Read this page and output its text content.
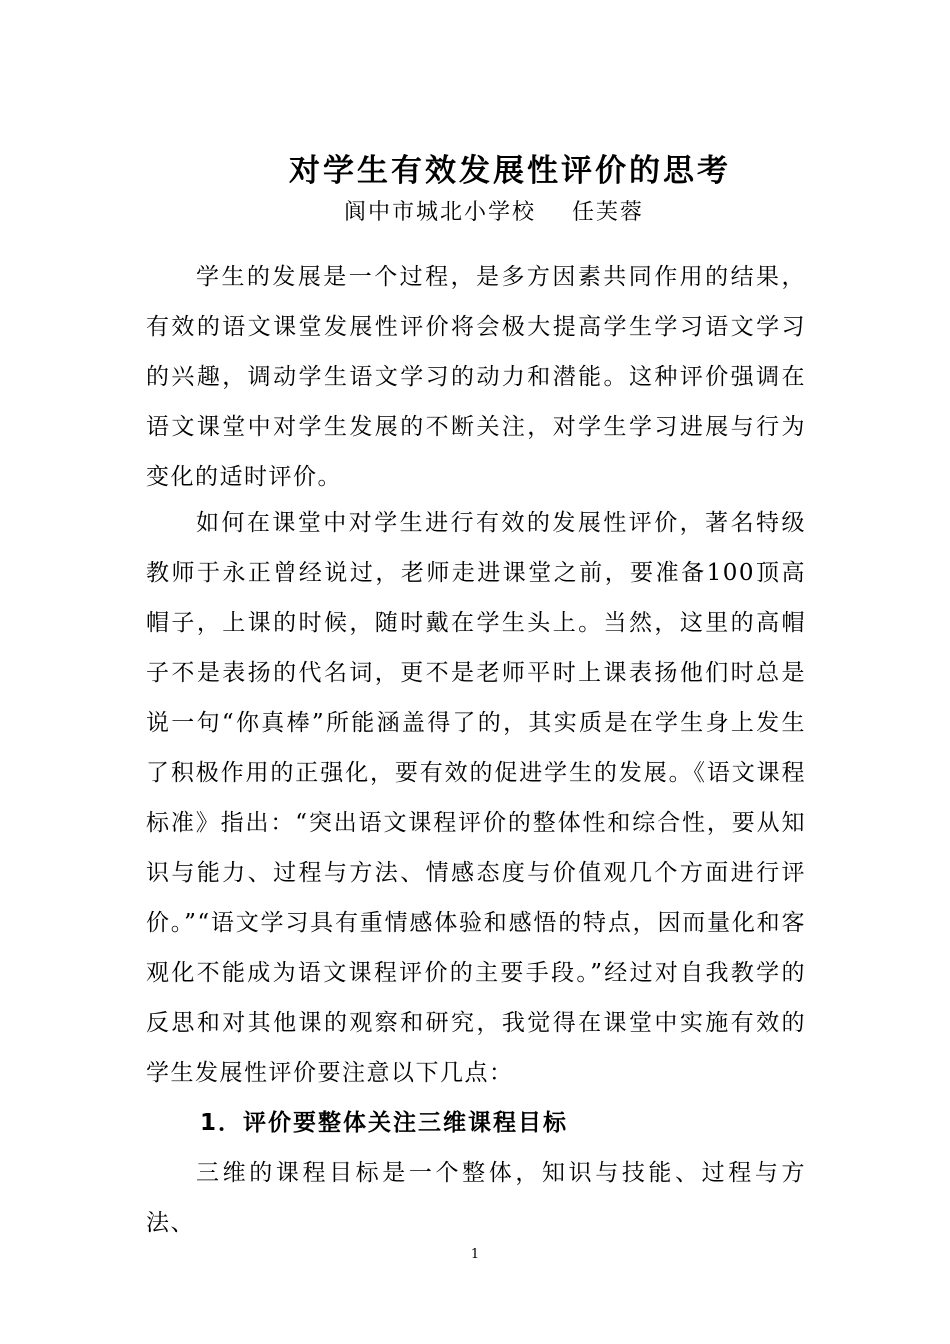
对学生有效发展性评价的思考
阆中市城北小学校 任芙蓉

学生的发展是一个过程，是多方因素共同作用的结果，有效的语文课堂发展性评价将会极大提高学生学习语文学习的兴趣，调动学生语文学习的动力和潜能。这种评价强调在语文课堂中对学生发展的不断关注，对学生学习进展与行为变化的适时评价。

如何在课堂中对学生进行有效的发展性评价，著名特级教师于永正曾经说过，老师走进课堂之前，要准备100顶高帽子，上课的时候，随时戴在学生头上。当然，这里的高帽子不是表扬的代名词，更不是老师平时上课表扬他们时总是说一句“你真棒”所能涵盖得了的，其实质是在学生身上发生了积极作用的正强化，要有效的促进学生的发展。《语文课程标准》指出：“突出语文课程评价的整体性和综合性，要从知识与能力、过程与方法、情感态度与价值观几个方面进行评价。”“语文学习具有重情感体验和感悟的特点，因而量化和客观化不能成为语文课程评价的主要手段。”经过对自我教学的反思和对其他课的观察和研究，我觉得在课堂中实施有效的学生发展性评价要注意以下几点：

1．评价要整体关注三维课程目标

三维的课程目标是一个整体，知识与技能、过程与方法、

1
